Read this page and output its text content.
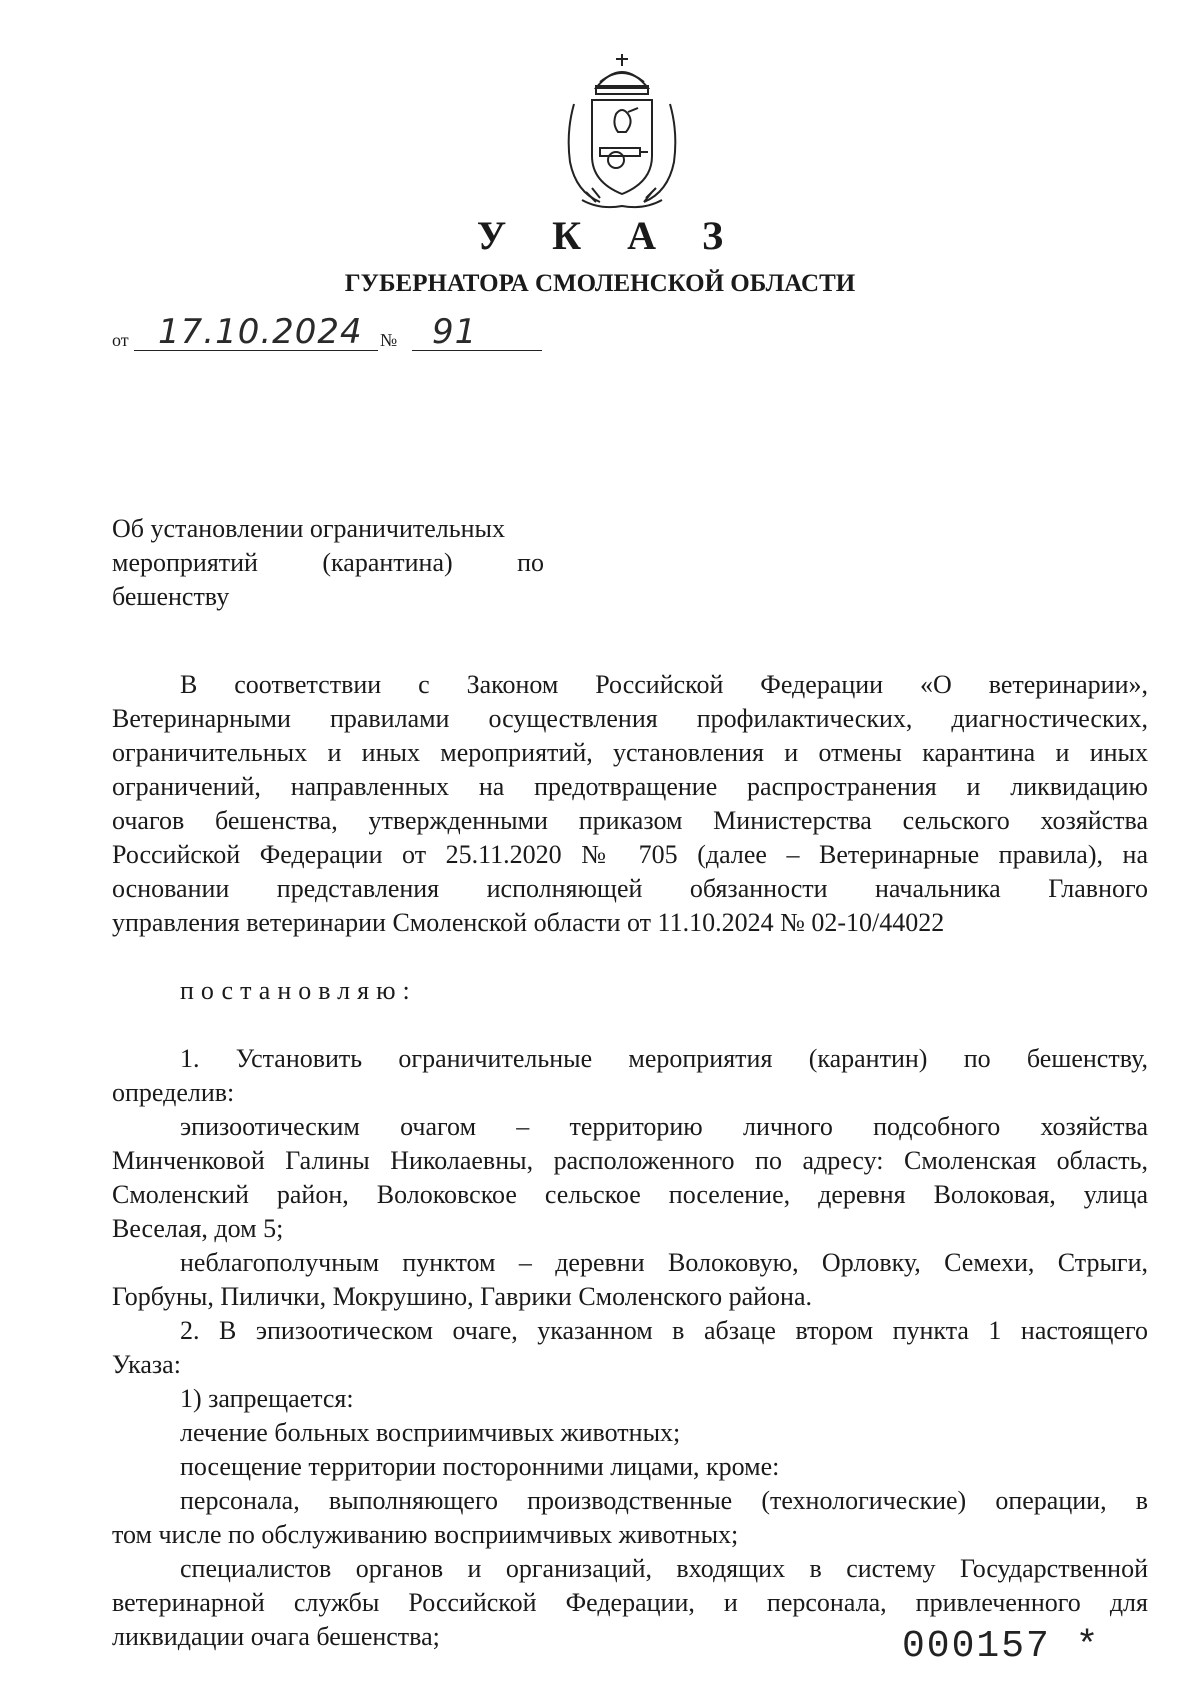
У К А З
ГУБЕРНАТОРА СМОЛЕНСКОЙ ОБЛАСТИ
от 17.10.2024 № 91
Об установлении ограничительных
мероприятий (карантина) по
бешенству
В соответствии с Законом Российской Федерации «О ветеринарии»,
Ветеринарными правилами осуществления профилактических, диагностических,
ограничительных и иных мероприятий, установления и отмены карантина и иных
ограничений, направленных на предотвращение распространения и ликвидацию
очагов бешенства, утвержденными приказом Министерства сельского хозяйства
Российской Федерации от 25.11.2020 № 705 (далее – Ветеринарные правила), на
основании представления исполняющей обязанности начальника Главного
управления ветеринарии Смоленской области от 11.10.2024 № 02-10/44022
постановляю:
1. Установить ограничительные мероприятия (карантин) по бешенству,
определив:
эпизоотическим очагом – территорию личного подсобного хозяйства
Минченковой Галины Николаевны, расположенного по адресу: Смоленская область,
Смоленский район, Волоковское сельское поселение, деревня Волоковая, улица
Веселая, дом 5;
неблагополучным пунктом – деревни Волоковую, Орловку, Семехи, Стрыги,
Горбуны, Пилички, Мокрушино, Гаврики Смоленского района.
2. В эпизоотическом очаге, указанном в абзаце втором пункта 1 настоящего
Указа:
1) запрещается:
лечение больных восприимчивых животных;
посещение территории посторонними лицами, кроме:
персонала, выполняющего производственные (технологические) операции, в
том числе по обслуживанию восприимчивых животных;
специалистов органов и организаций, входящих в систему Государственной
ветеринарной службы Российской Федерации, и персонала, привлеченного для
ликвидации очага бешенства;	000157 *
